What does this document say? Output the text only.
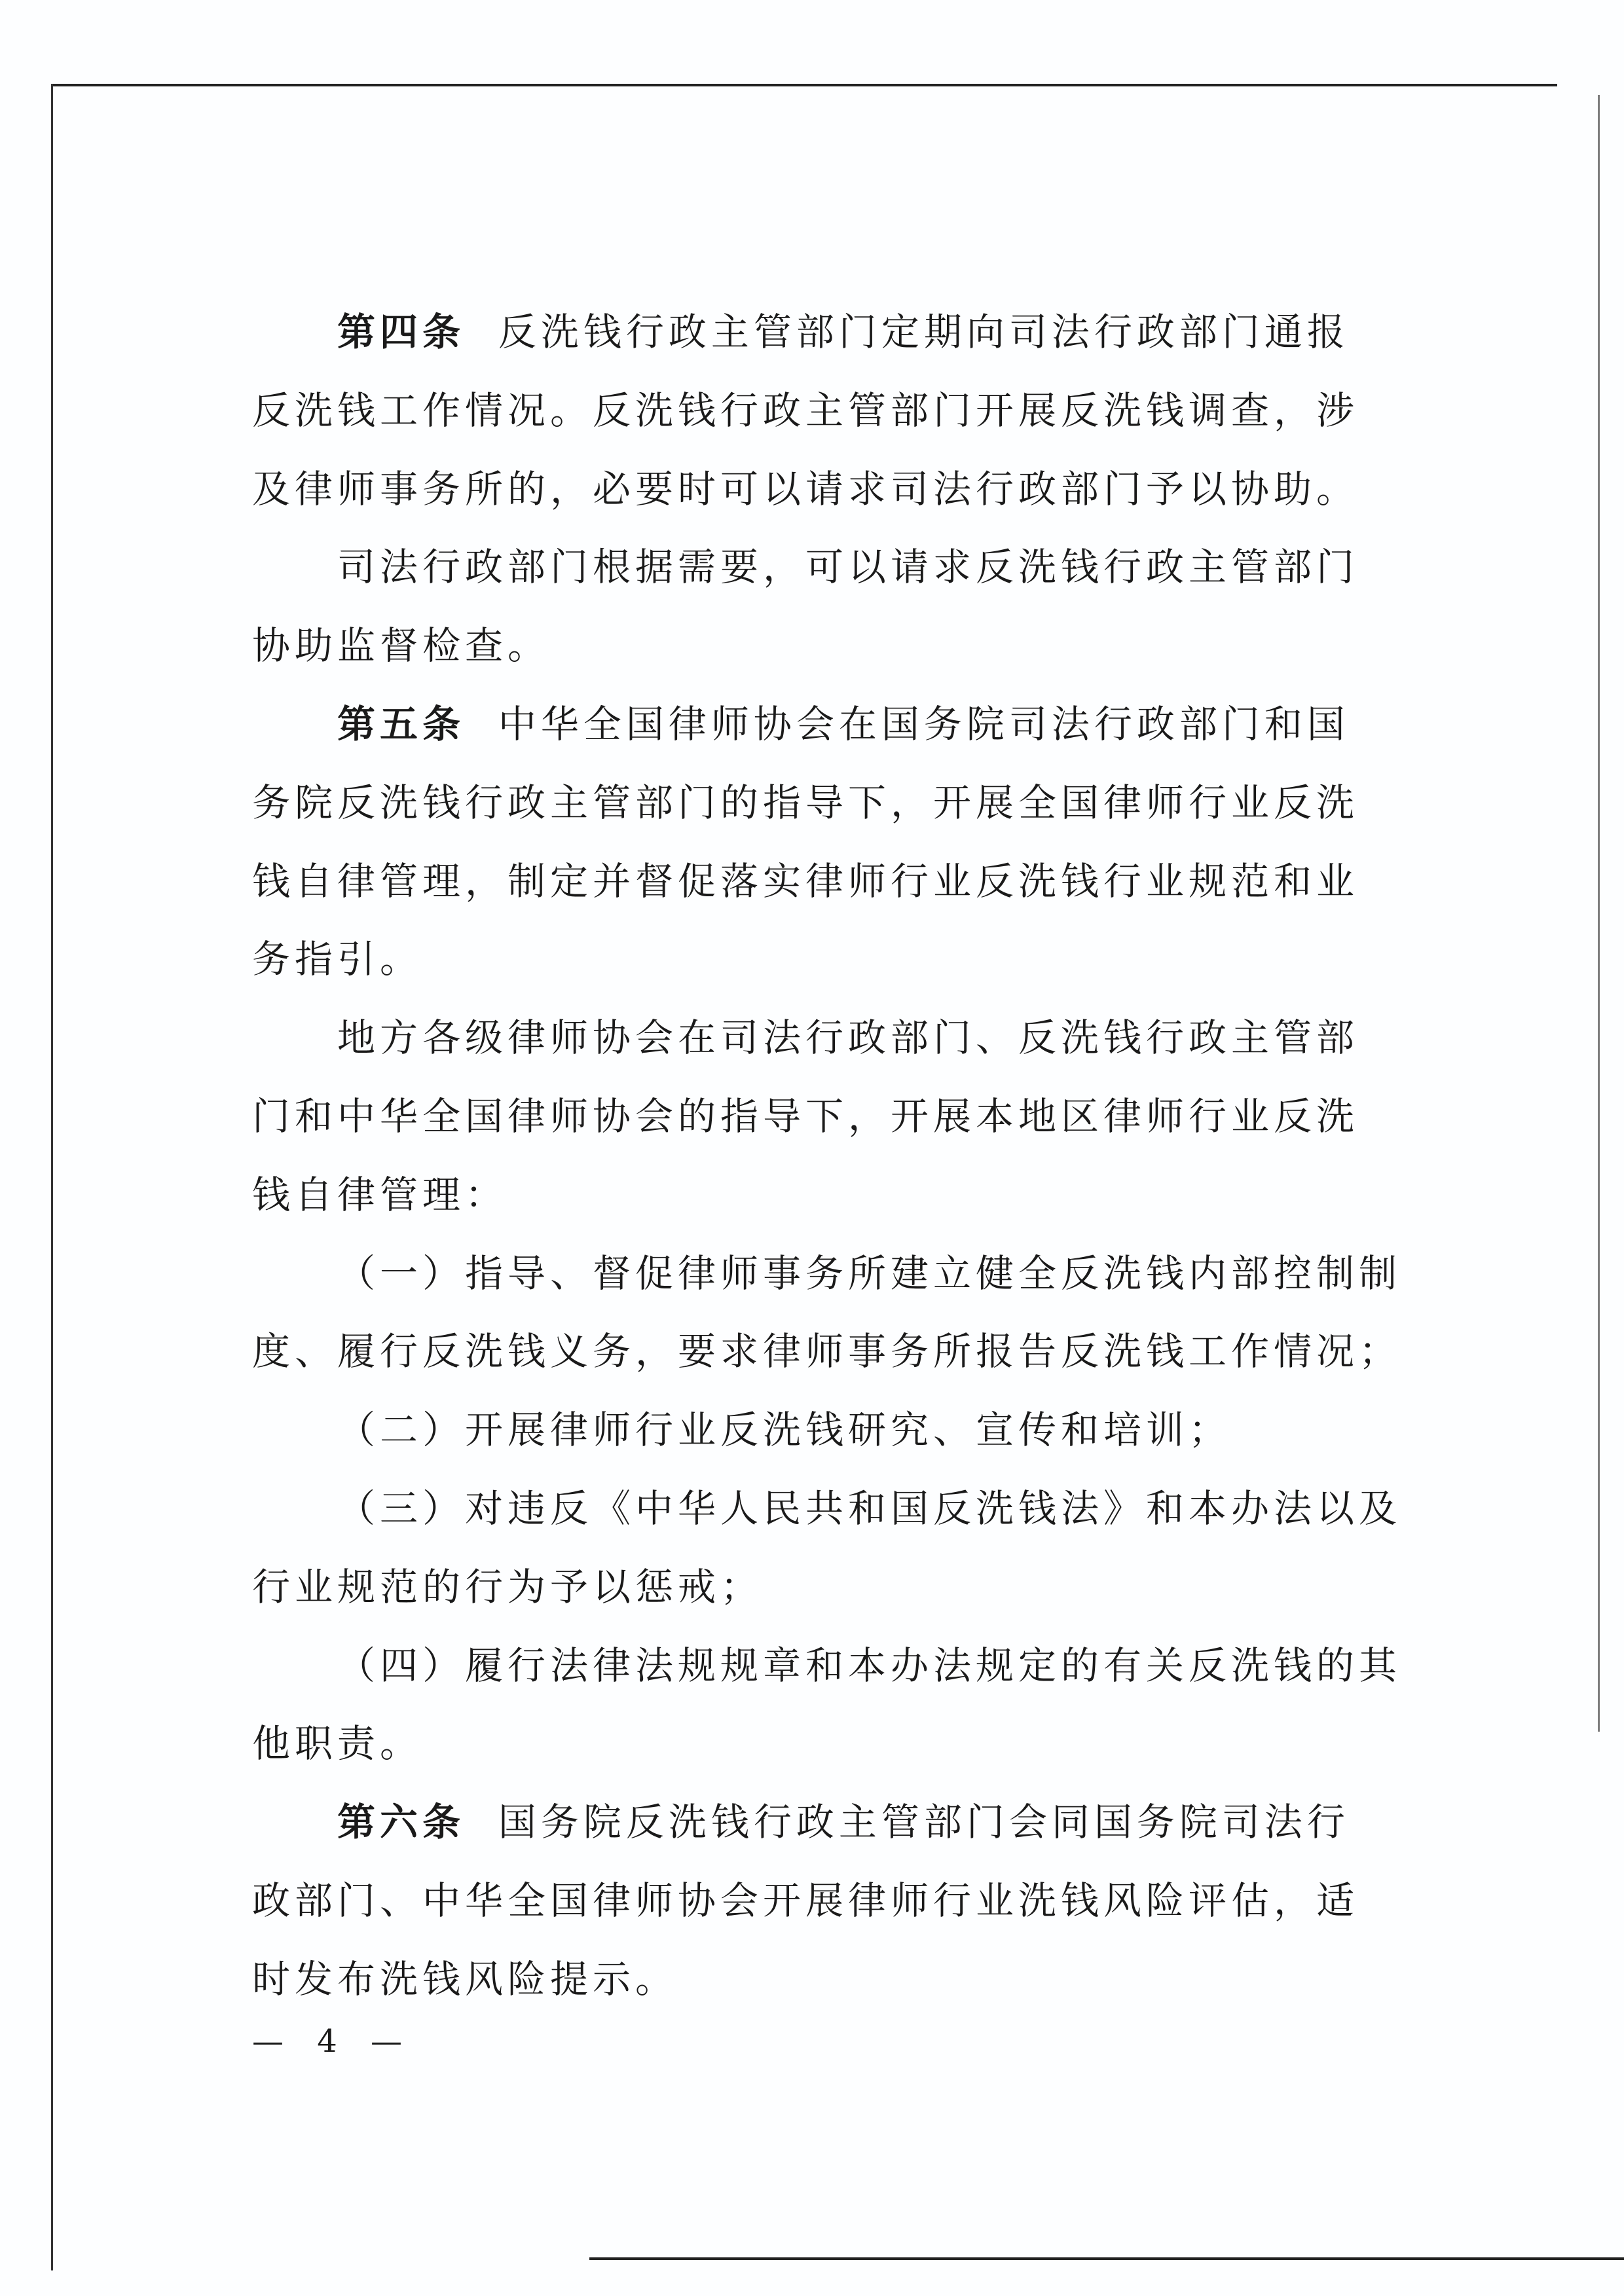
第四条 反洗钱行政主管部门定期向司法行政部门通报
反洗钱工作情况。反洗钱行政主管部门开展反洗钱调查，涉
及律师事务所的，必要时可以请求司法行政部门予以协助。
司法行政部门根据需要，可以请求反洗钱行政主管部门
协助监督检查。
第五条 中华全国律师协会在国务院司法行政部门和国
务院反洗钱行政主管部门的指导下，开展全国律师行业反洗
钱自律管理，制定并督促落实律师行业反洗钱行业规范和业
务指引。
地方各级律师协会在司法行政部门、反洗钱行政主管部
门和中华全国律师协会的指导下，开展本地区律师行业反洗
钱自律管理：
（一）指导、督促律师事务所建立健全反洗钱内部控制制
度、履行反洗钱义务，要求律师事务所报告反洗钱工作情况；
（二）开展律师行业反洗钱研究、宣传和培训；
（三）对违反《中华人民共和国反洗钱法》和本办法以及
行业规范的行为予以惩戒；
（四）履行法律法规规章和本办法规定的有关反洗钱的其
他职责。
第六条 国务院反洗钱行政主管部门会同国务院司法行
政部门、中华全国律师协会开展律师行业洗钱风险评估，适
时发布洗钱风险提示。
— 4 —
